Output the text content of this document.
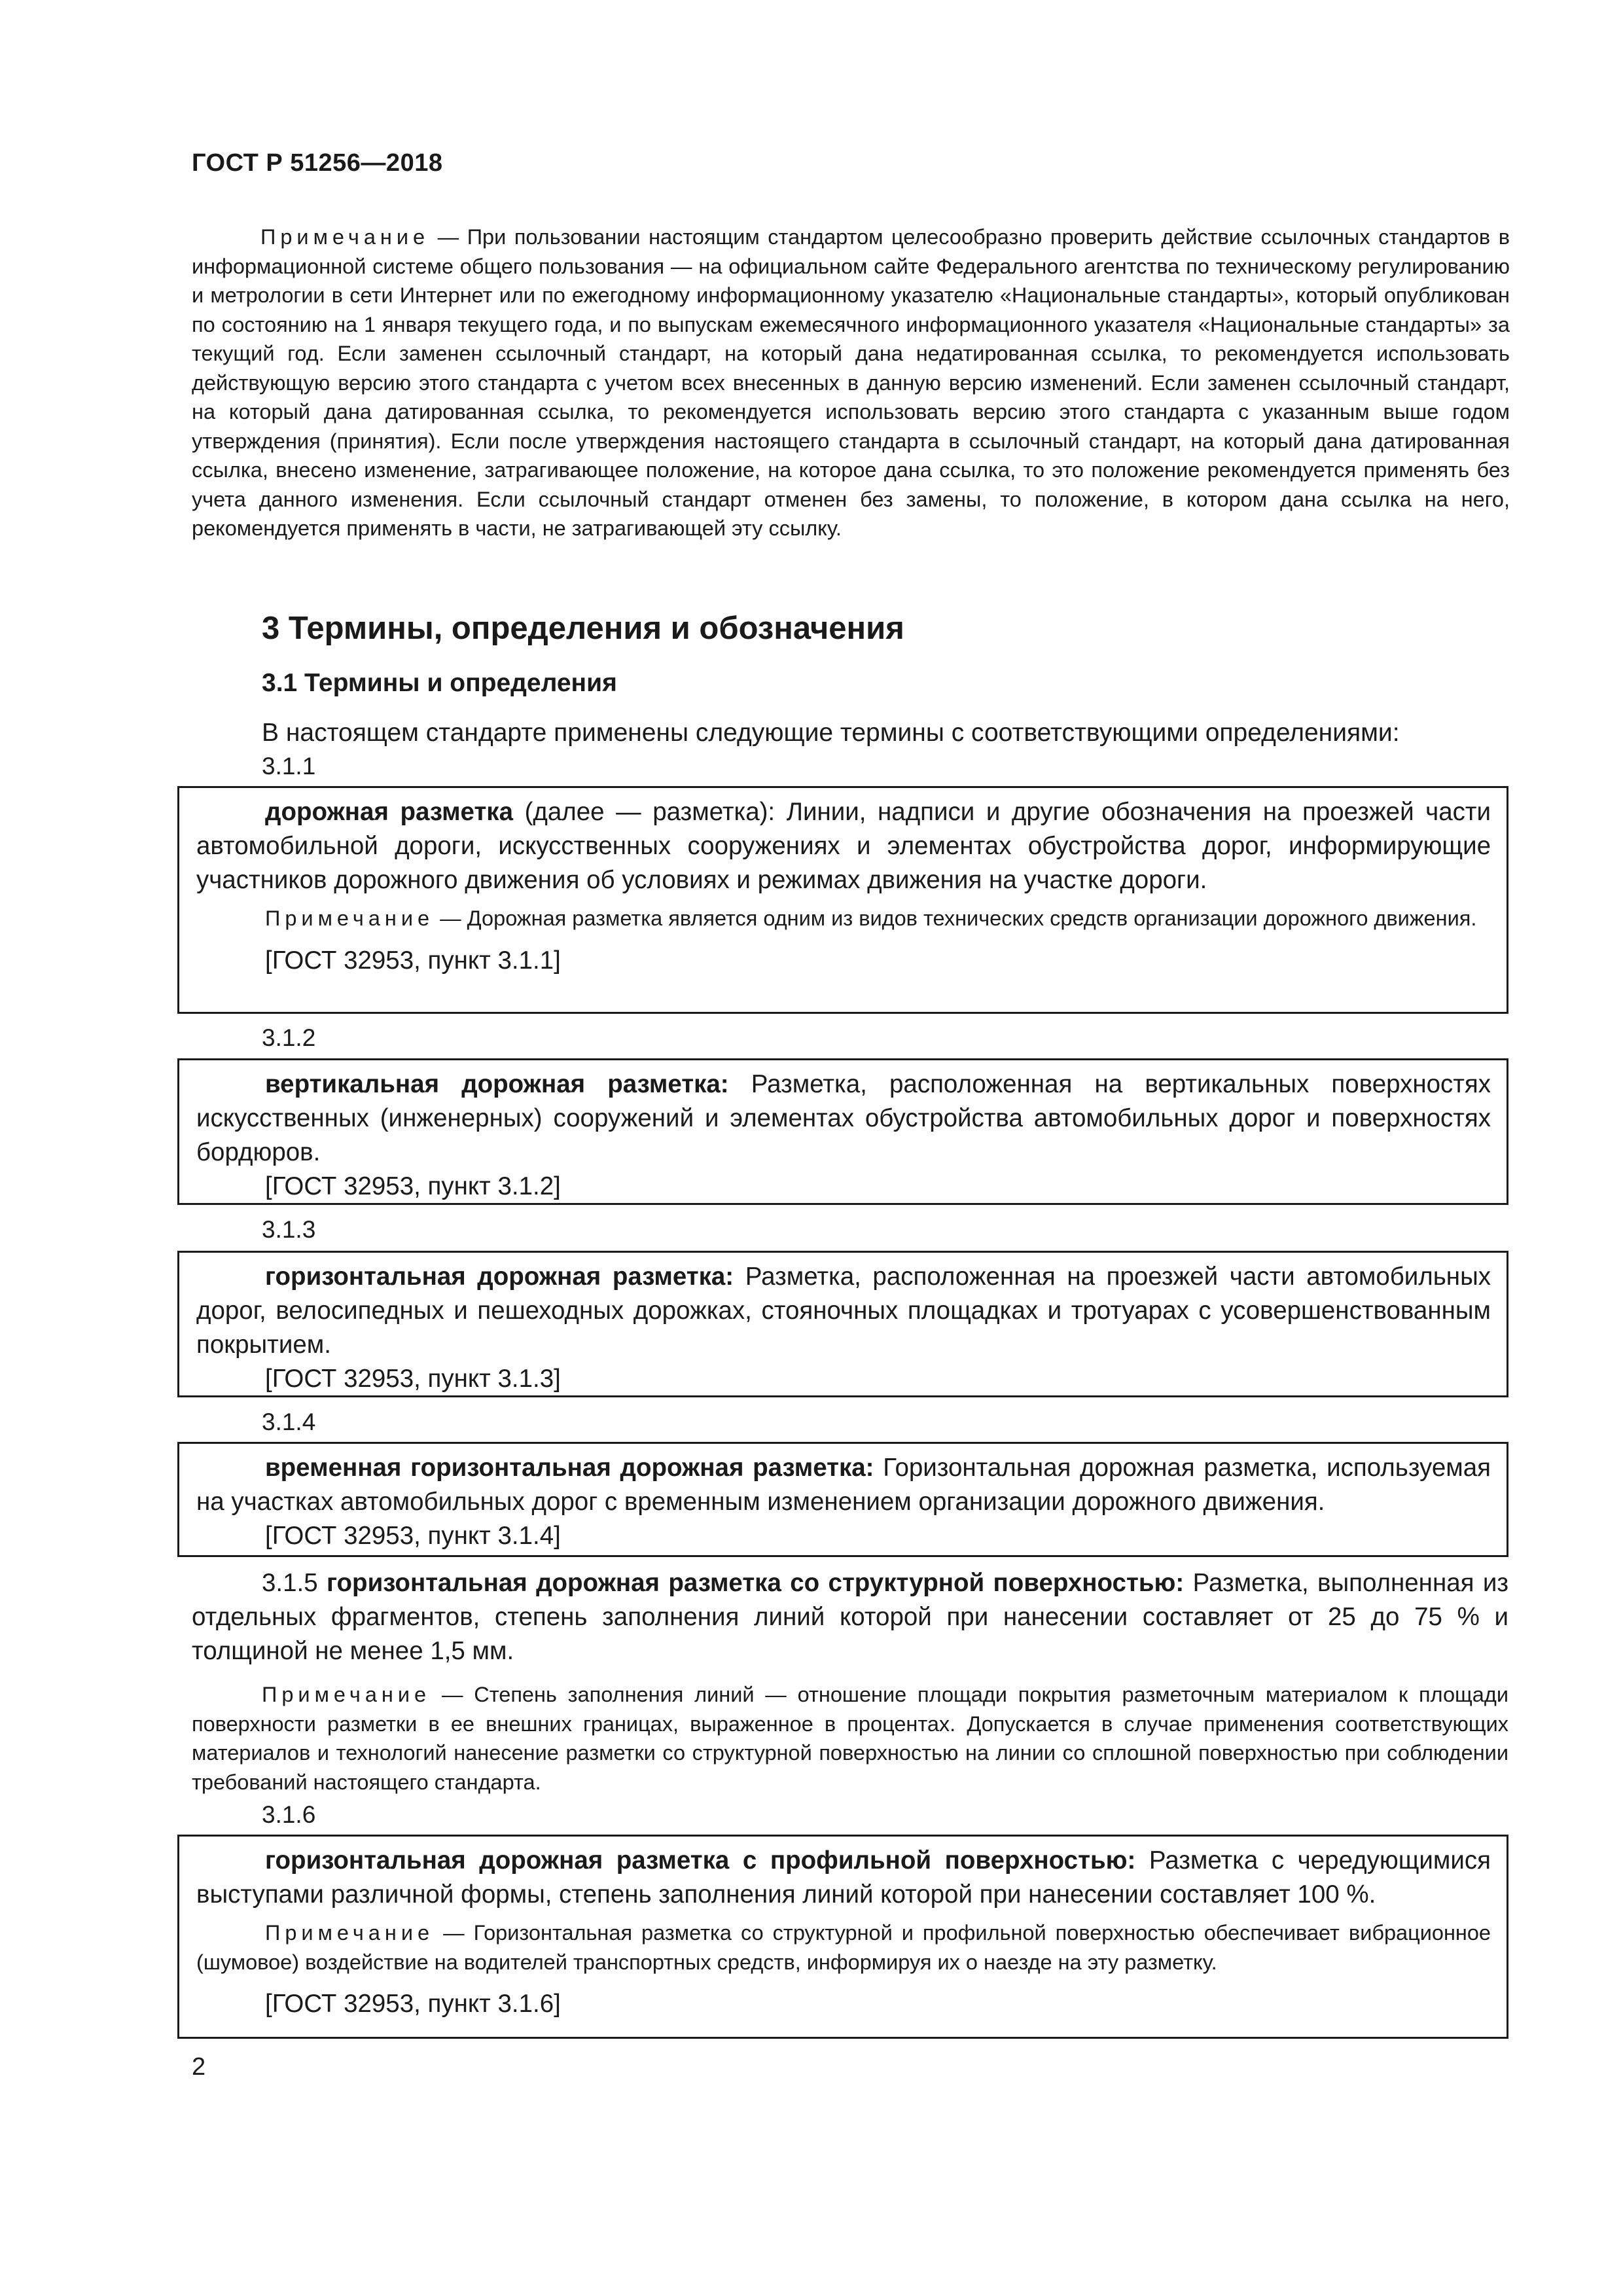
ГОСТ Р 51256—2018

Примечание — При пользовании настоящим стандартом целесообразно проверить действие ссылочных стандартов в информационной системе общего пользования — на официальном сайте Федерального агентства по техническому регулированию и метрологии в сети Интернет или по ежегодному информационному указателю «Национальные стандарты», который опубликован по состоянию на 1 января текущего года, и по выпускам ежемесячного информационного указателя «Национальные стандарты» за текущий год. Если заменен ссылочный стандарт, на который дана недатированная ссылка, то рекомендуется использовать действующую версию этого стандарта с учетом всех внесенных в данную версию изменений. Если заменен ссылочный стандарт, на который дана датированная ссылка, то рекомендуется использовать версию этого стандарта с указанным выше годом утверждения (принятия). Если после утверждения настоящего стандарта в ссылочный стандарт, на который дана датированная ссылка, внесено изменение, затрагивающее положение, на которое дана ссылка, то это положение рекомендуется применять без учета данного изменения. Если ссылочный стандарт отменен без замены, то положение, в котором дана ссылка на него, рекомендуется применять в части, не затрагивающей эту ссылку.

3 Термины, определения и обозначения
3.1 Термины и определения
В настоящем стандарте применены следующие термины с соответствующими определениями:
3.1.1

дорожная разметка (далее — разметка): Линии, надписи и другие обозначения на проезжей части автомобильной дороги, искусственных сооружениях и элементах обустройства дорог, информирующие участников дорожного движения об условиях и режимах движения на участке дороги.

Примечание — Дорожная разметка является одним из видов технических средств организации дорожного движения.

[ГОСТ 32953, пункт 3.1.1]

3.1.2

вертикальная дорожная разметка: Разметка, расположенная на вертикальных поверхностях искусственных (инженерных) сооружений и элементах обустройства автомобильных дорог и поверхностях бордюров.

[ГОСТ 32953, пункт 3.1.2]

3.1.3

горизонтальная дорожная разметка: Разметка, расположенная на проезжей части автомобильных дорог, велосипедных и пешеходных дорожках, стояночных площадках и тротуарах с усовершенствованным покрытием.

[ГОСТ 32953, пункт 3.1.3]

3.1.4

временная горизонтальная дорожная разметка: Горизонтальная дорожная разметка, используемая на участках автомобильных дорог с временным изменением организации дорожного движения.

[ГОСТ 32953, пункт 3.1.4]

3.1.5 горизонтальная дорожная разметка со структурной поверхностью: Разметка, выполненная из отдельных фрагментов, степень заполнения линий которой при нанесении составляет от 25 до 75 % и толщиной не менее 1,5 мм.

Примечание — Степень заполнения линий — отношение площади покрытия разметочным материалом к площади поверхности разметки в ее внешних границах, выраженное в процентах. Допускается в случае применения соответствующих материалов и технологий нанесение разметки со структурной поверхностью на линии со сплошной поверхностью при соблюдении требований настоящего стандарта.

3.1.6

горизонтальная дорожная разметка с профильной поверхностью: Разметка с чередующимися выступами различной формы, степень заполнения линий которой при нанесении составляет 100 %.

Примечание — Горизонтальная разметка со структурной и профильной поверхностью обеспечивает вибрационное (шумовое) воздействие на водителей транспортных средств, информируя их о наезде на эту разметку.

[ГОСТ 32953, пункт 3.1.6]

2
